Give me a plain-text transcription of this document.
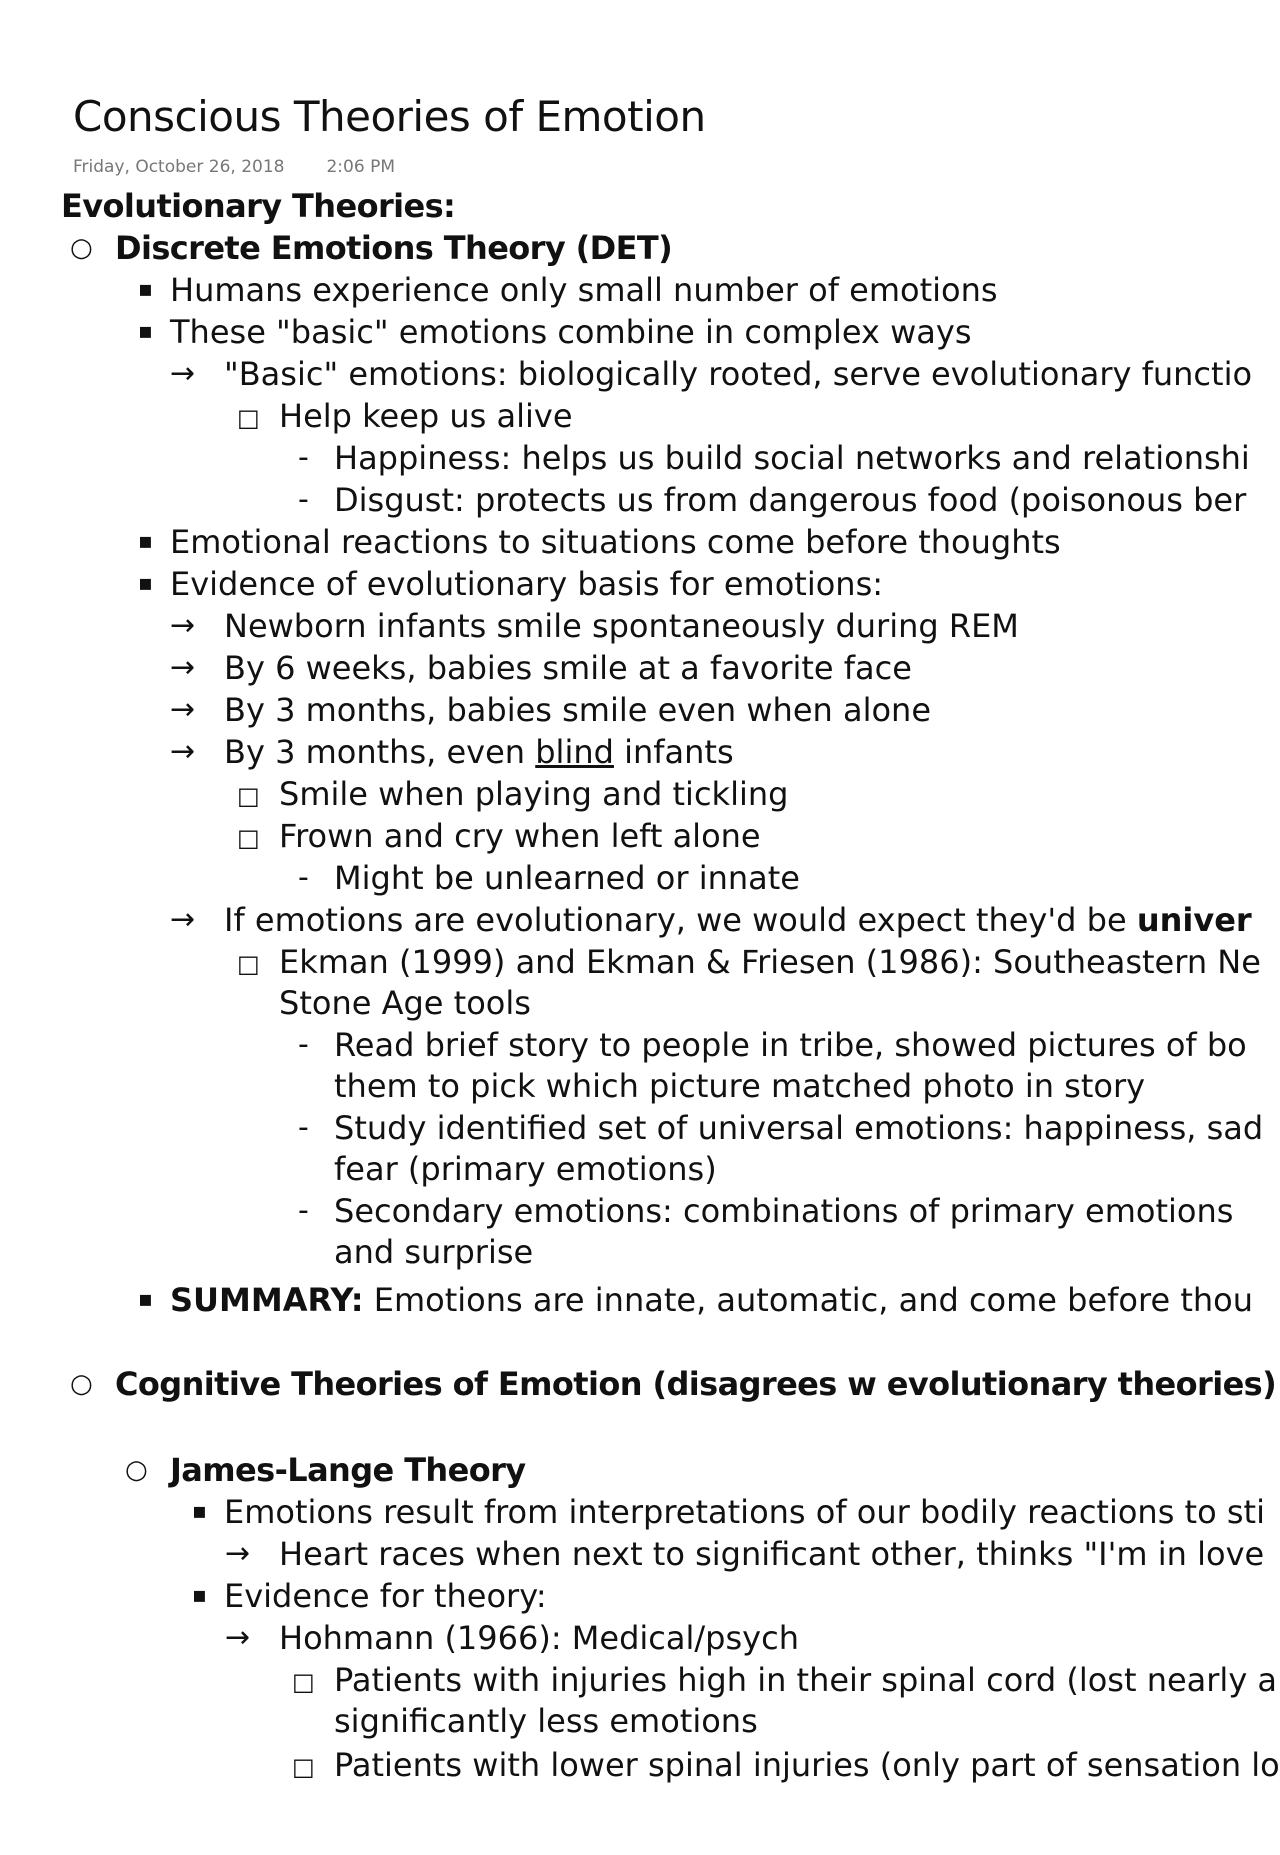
Conscious Theories of Emotion
Friday, October 26, 2018 2:06 PM
Evolutionary Theories:
○ Discrete Emotions Theory (DET)
▪ Humans experience only small number of emotions
▪ These "basic" emotions combine in complex ways
→ "Basic" emotions: biologically rooted, serve evolutionary functio
□ Help keep us alive
- Happiness: helps us build social networks and relationshi
- Disgust: protects us from dangerous food (poisonous ber
▪ Emotional reactions to situations come before thoughts
▪ Evidence of evolutionary basis for emotions:
→ Newborn infants smile spontaneously during REM
→ By 6 weeks, babies smile at a favorite face
→ By 3 months, babies smile even when alone
→ By 3 months, even blind infants
□ Smile when playing and tickling
□ Frown and cry when left alone
- Might be unlearned or innate
→ If emotions are evolutionary, we would expect they'd be univer
□ Ekman (1999) and Ekman & Friesen (1986): Southeastern Ne
Stone Age tools
- Read brief story to people in tribe, showed pictures of bo
them to pick which picture matched photo in story
- Study identified set of universal emotions: happiness, sad
fear (primary emotions)
- Secondary emotions: combinations of primary emotions
and surprise
▪ SUMMARY: Emotions are innate, automatic, and come before thou
○ Cognitive Theories of Emotion (disagrees w evolutionary theories)
○ James-Lange Theory
▪ Emotions result from interpretations of our bodily reactions to sti
→ Heart races when next to significant other, thinks "I'm in love
▪ Evidence for theory:
→ Hohmann (1966): Medical/psych
□ Patients with injuries high in their spinal cord (lost nearly a
significantly less emotions
□ Patients with lower spinal injuries (only part of sensation lo
